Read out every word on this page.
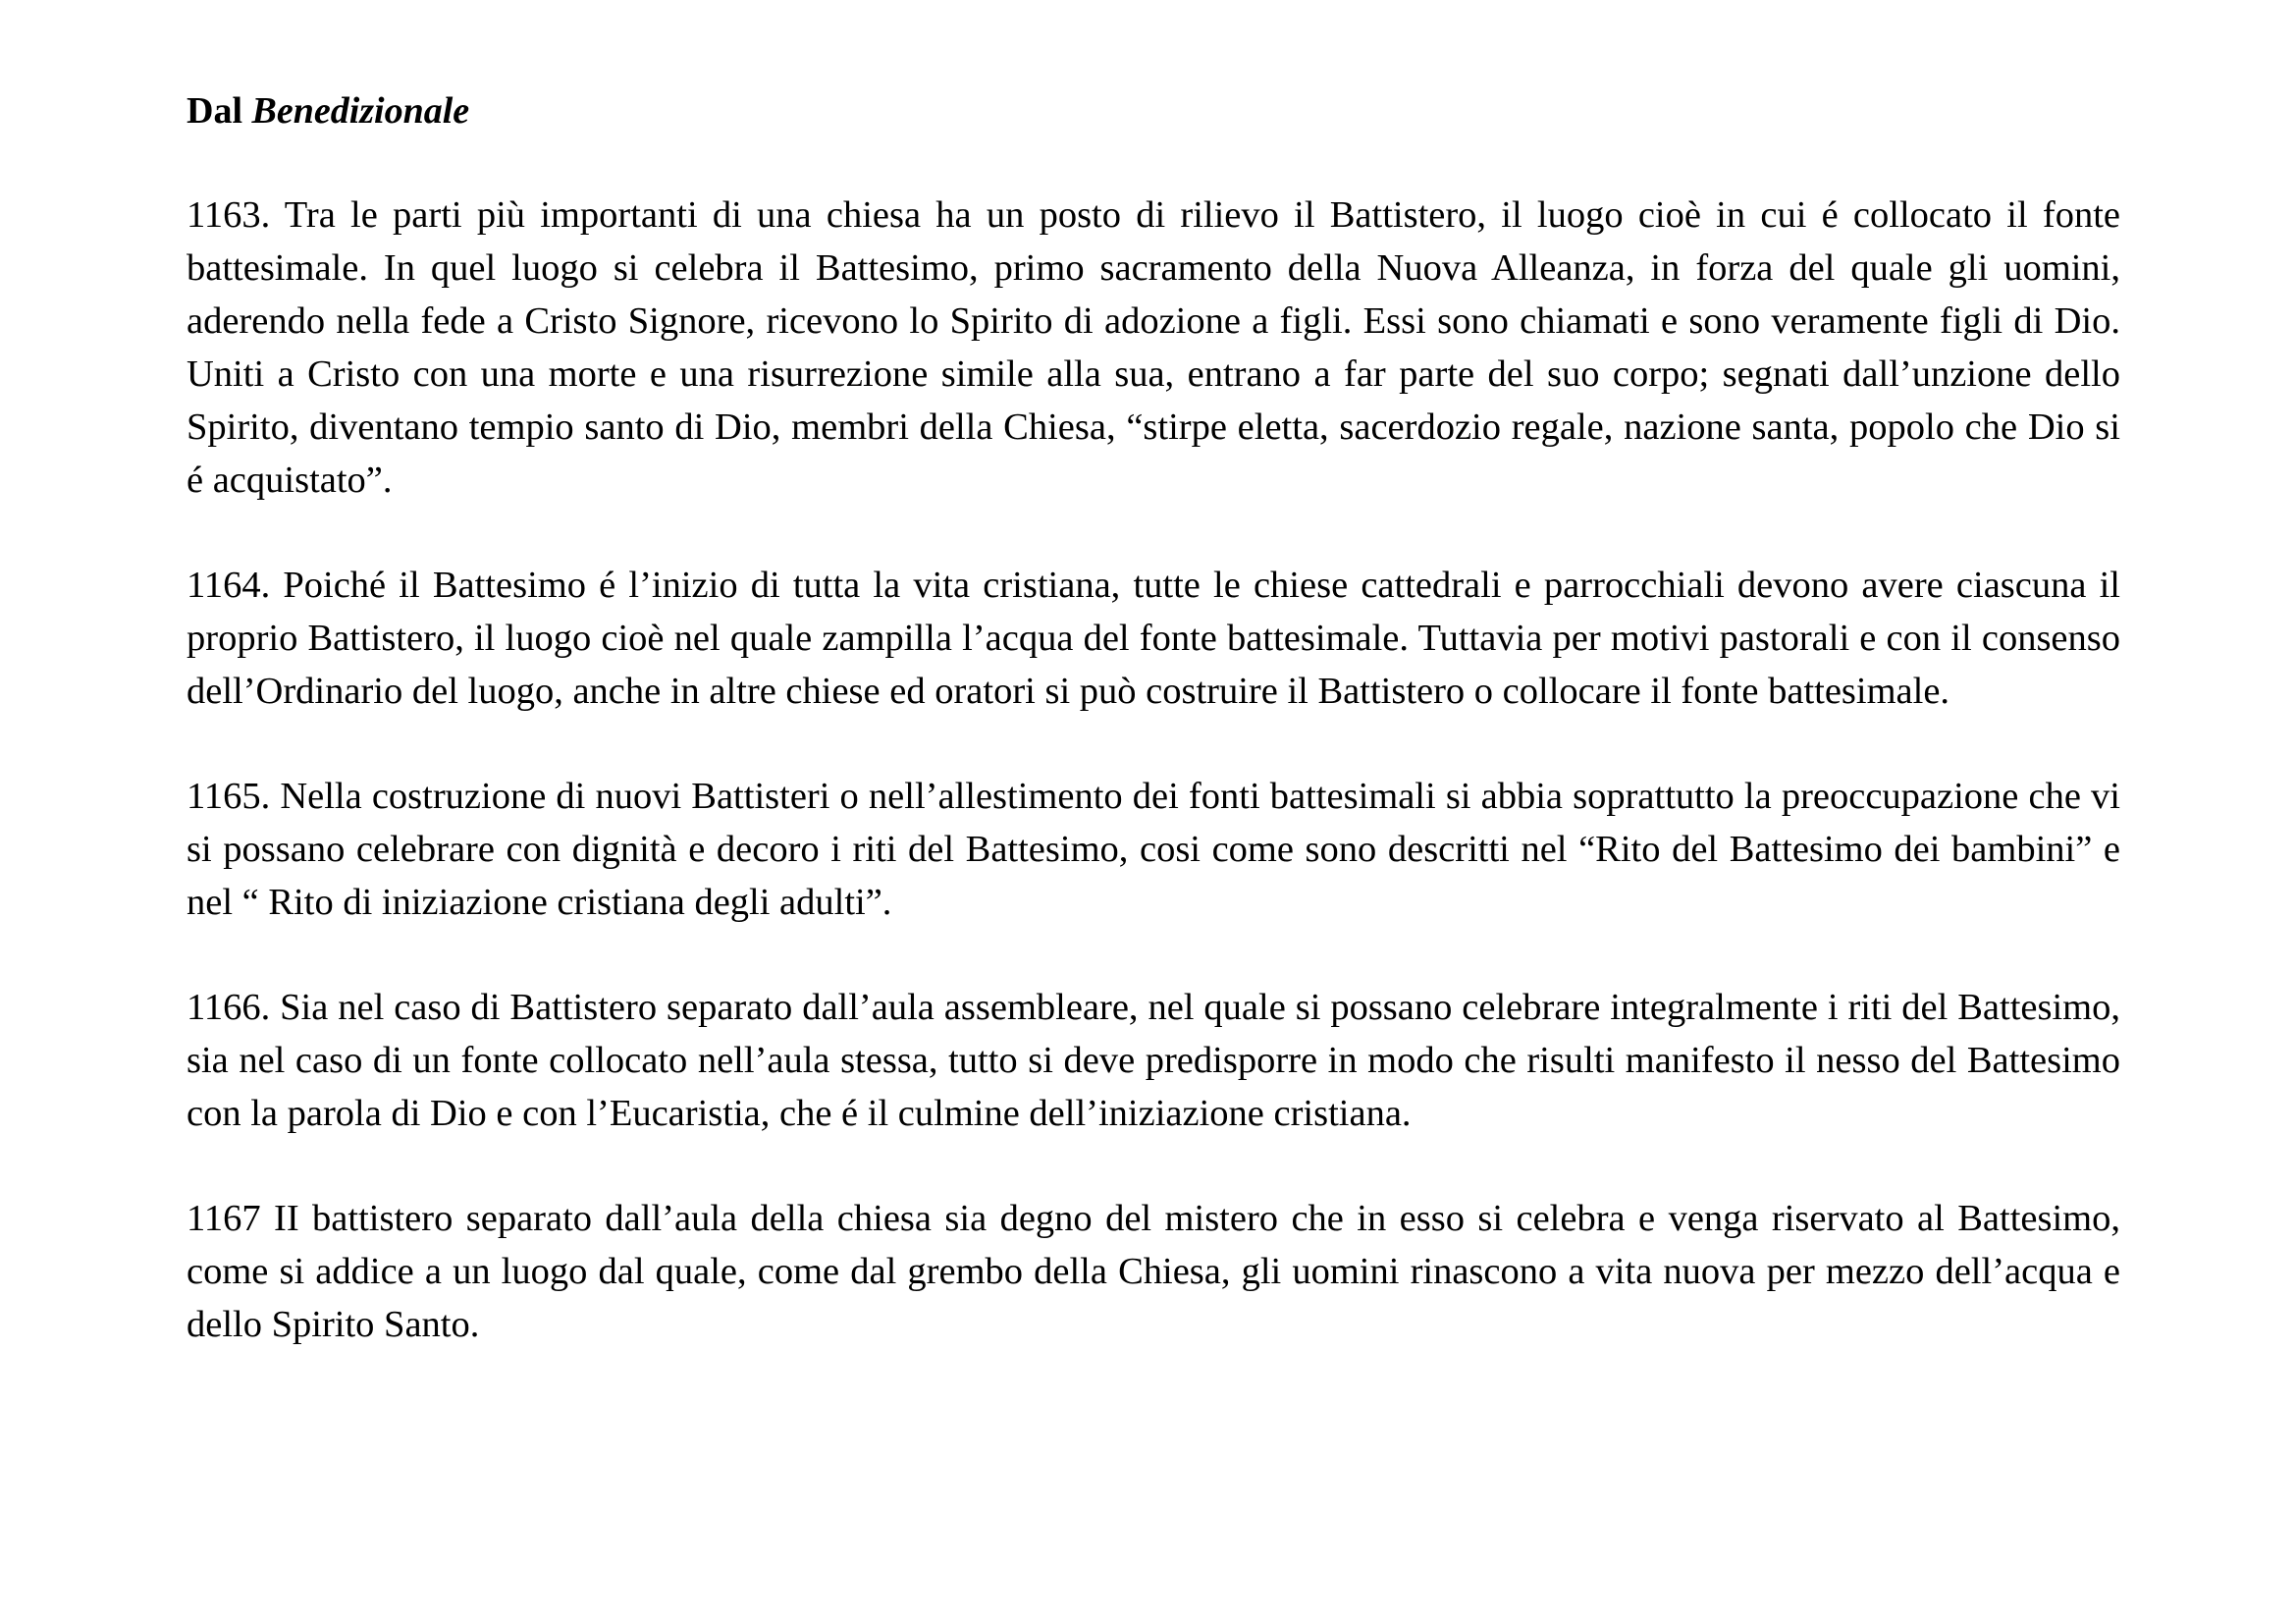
Dal Benedizionale

1163. Tra le parti più importanti di una chiesa ha un posto di rilievo il Battistero, il luogo cioè in cui é collocato il fonte battesimale. In quel luogo si celebra il Battesimo, primo sacramento della Nuova Alleanza, in forza del quale gli uomini, aderendo nella fede a Cristo Signore, ricevono lo Spirito di adozione a figli. Essi sono chiamati e sono veramente figli di Dio. Uniti a Cristo con una morte e una risurrezione simile alla sua, entrano a far parte del suo corpo; segnati dall’unzione dello Spirito, diventano tempio santo di Dio, membri della Chiesa, “stirpe eletta, sacerdozio regale, nazione santa, popolo che Dio si é acquistato”.

1164. Poiché il Battesimo é l’inizio di tutta la vita cristiana, tutte le chiese cattedrali e parrocchiali devono avere ciascuna il proprio Battistero, il luogo cioè nel quale zampilla l’acqua del fonte battesimale. Tuttavia per motivi pastorali e con il consenso dell’Ordinario del luogo, anche in altre chiese ed oratori si può costruire il Battistero o collocare il fonte battesimale.

1165. Nella costruzione di nuovi Battisteri o nell’allestimento dei fonti battesimali si abbia soprattutto la preoccupazione che vi si possano celebrare con dignità e decoro i riti del Battesimo, cosi come sono descritti nel “Rito del Battesimo dei bambini” e nel “ Rito di iniziazione cristiana degli adulti”.

1166. Sia nel caso di Battistero separato dall’aula assembleare, nel quale si possano celebrare integralmente i riti del Battesimo, sia nel caso di un fonte collocato nell’aula stessa, tutto si deve predisporre in modo che risulti manifesto il nesso del Battesimo con la parola di Dio e con l’Eucaristia, che é il culmine dell’iniziazione cristiana.

1167 II battistero separato dall’aula della chiesa sia degno del mistero che in esso si celebra e venga riservato al Battesimo, come si addice a un luogo dal quale, come dal grembo della Chiesa, gli uomini rinascono a vita nuova per mezzo dell’acqua e dello Spirito Santo.
